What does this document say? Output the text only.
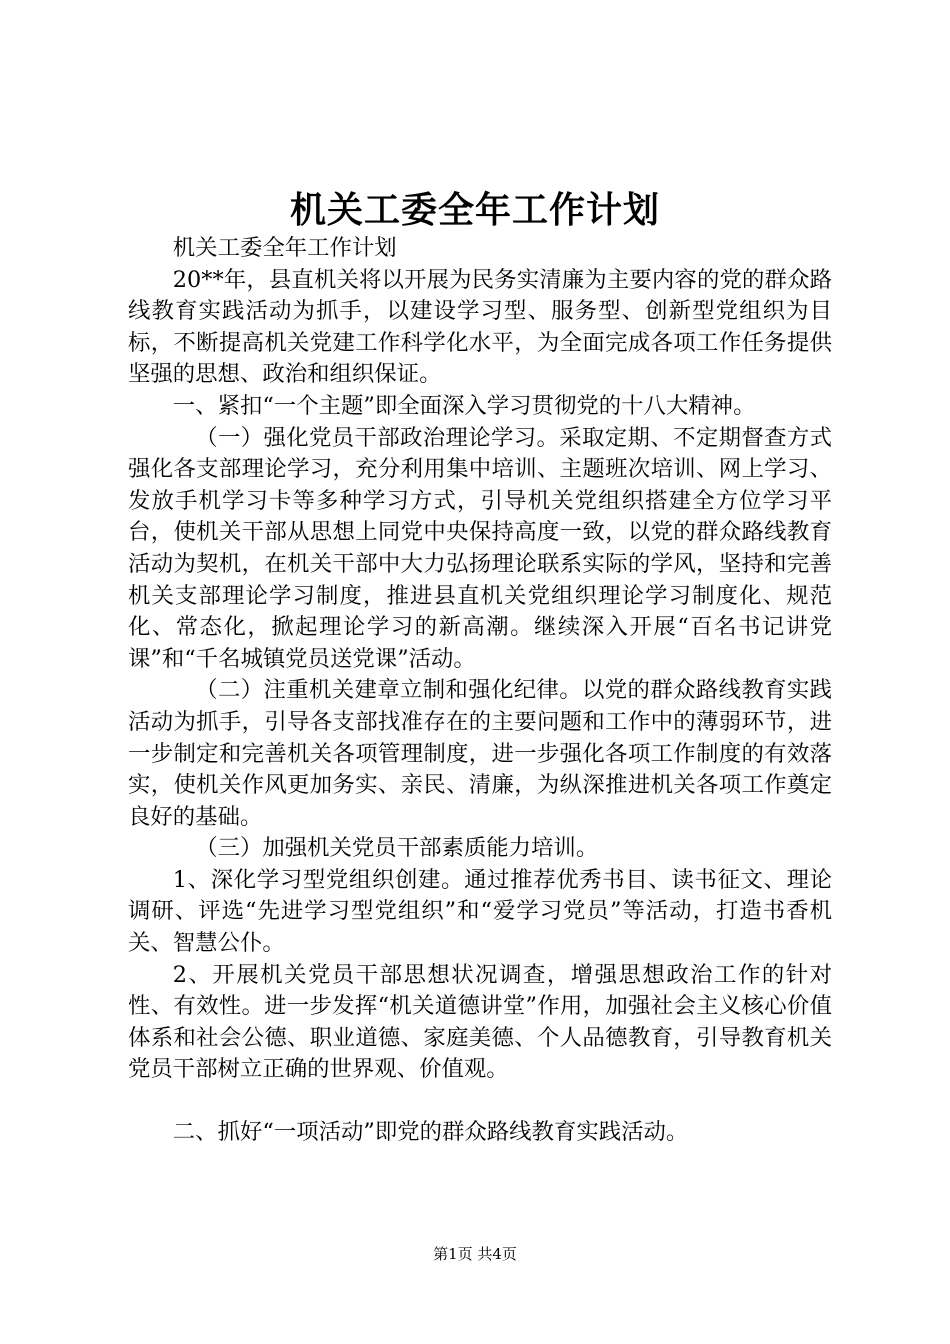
机关工委全年工作计划

机关工委全年工作计划

20**年，县直机关将以开展为民务实清廉为主要内容的党的群众路线教育实践活动为抓手，以建设学习型、服务型、创新型党组织为目标，不断提高机关党建工作科学化水平，为全面完成各项工作任务提供坚强的思想、政治和组织保证。

一、紧扣“一个主题”即全面深入学习贯彻党的十八大精神。

（一）强化党员干部政治理论学习。采取定期、不定期督查方式强化各支部理论学习，充分利用集中培训、主题班次培训、网上学习、发放手机学习卡等多种学习方式，引导机关党组织搭建全方位学习平台，使机关干部从思想上同党中央保持高度一致，以党的群众路线教育活动为契机，在机关干部中大力弘扬理论联系实际的学风，坚持和完善机关支部理论学习制度，推进县直机关党组织理论学习制度化、规范化、常态化，掀起理论学习的新高潮。继续深入开展“百名书记讲党课”和“千名城镇党员送党课”活动。

（二）注重机关建章立制和强化纪律。以党的群众路线教育实践活动为抓手，引导各支部找准存在的主要问题和工作中的薄弱环节，进一步制定和完善机关各项管理制度，进一步强化各项工作制度的有效落实，使机关作风更加务实、亲民、清廉，为纵深推进机关各项工作奠定良好的基础。

（三）加强机关党员干部素质能力培训。

1、深化学习型党组织创建。通过推荐优秀书目、读书征文、理论调研、评选“先进学习型党组织”和“爱学习党员”等活动，打造书香机关、智慧公仆。

2、开展机关党员干部思想状况调查，增强思想政治工作的针对性、有效性。进一步发挥“机关道德讲堂”作用，加强社会主义核心价值体系和社会公德、职业道德、家庭美德、个人品德教育，引导教育机关党员干部树立正确的世界观、价值观。

二、抓好“一项活动”即党的群众路线教育实践活动。

第1页 共4页
